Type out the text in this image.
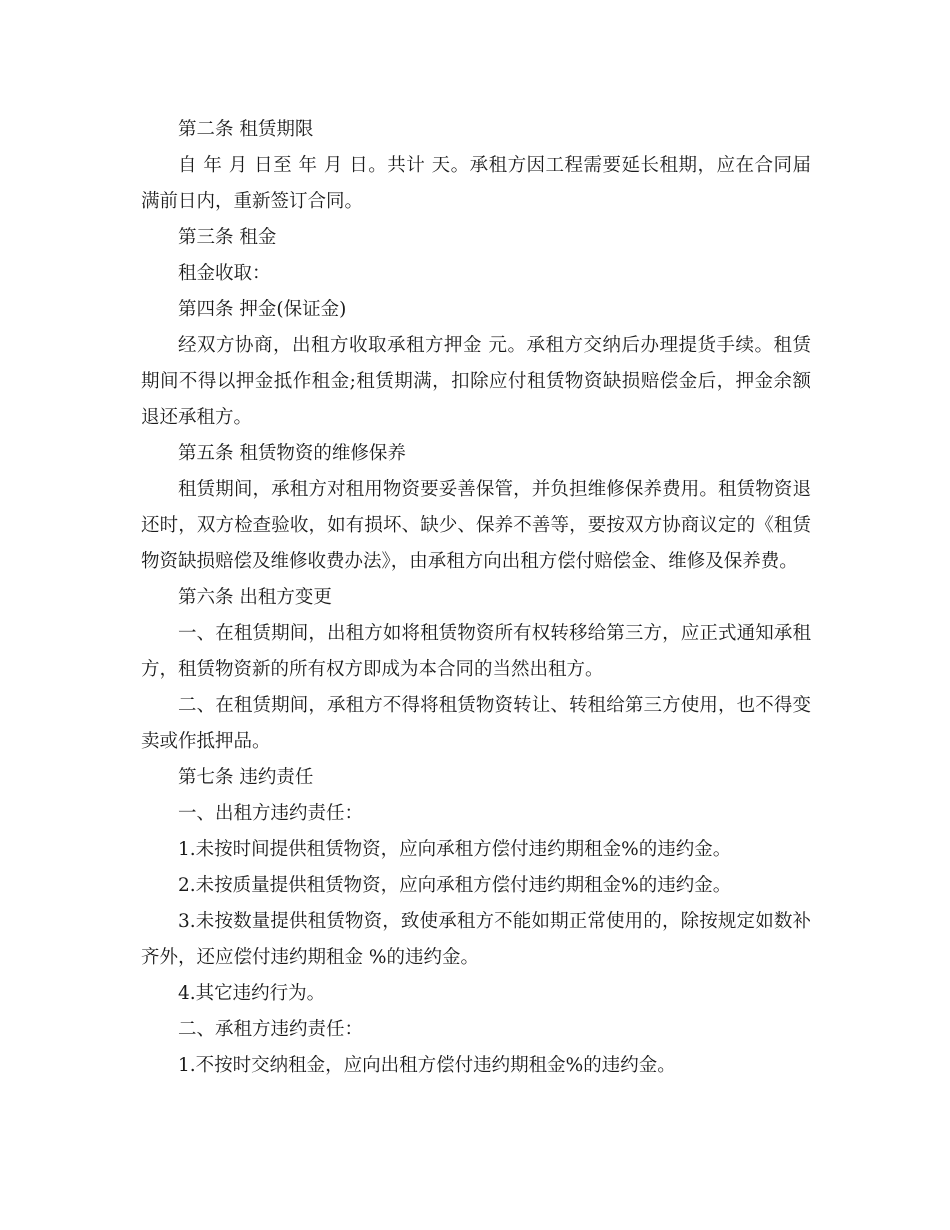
第二条 租赁期限

自 年 月 日至 年 月 日。共计 天。承租方因工程需要延长租期，应在合同届满前日内，重新签订合同。

第三条 租金

租金收取：

第四条 押金(保证金)

经双方协商，出租方收取承租方押金 元。承租方交纳后办理提货手续。租赁期间不得以押金抵作租金;租赁期满，扣除应付租赁物资缺损赔偿金后，押金余额退还承租方。

第五条 租赁物资的维修保养

租赁期间，承租方对租用物资要妥善保管，并负担维修保养费用。租赁物资退还时，双方检查验收，如有损坏、缺少、保养不善等，要按双方协商议定的《租赁物资缺损赔偿及维修收费办法》，由承租方向出租方偿付赔偿金、维修及保养费。

第六条 出租方变更

一、在租赁期间，出租方如将租赁物资所有权转移给第三方，应正式通知承租方，租赁物资新的所有权方即成为本合同的当然出租方。

二、在租赁期间，承租方不得将租赁物资转让、转租给第三方使用，也不得变卖或作抵押品。

第七条 违约责任

一、出租方违约责任：

1.未按时间提供租赁物资，应向承租方偿付违约期租金%的违约金。

2.未按质量提供租赁物资，应向承租方偿付违约期租金%的违约金。

3.未按数量提供租赁物资，致使承租方不能如期正常使用的，除按规定如数补齐外，还应偿付违约期租金 %的违约金。

4.其它违约行为。

二、承租方违约责任：

1.不按时交纳租金，应向出租方偿付违约期租金%的违约金。
